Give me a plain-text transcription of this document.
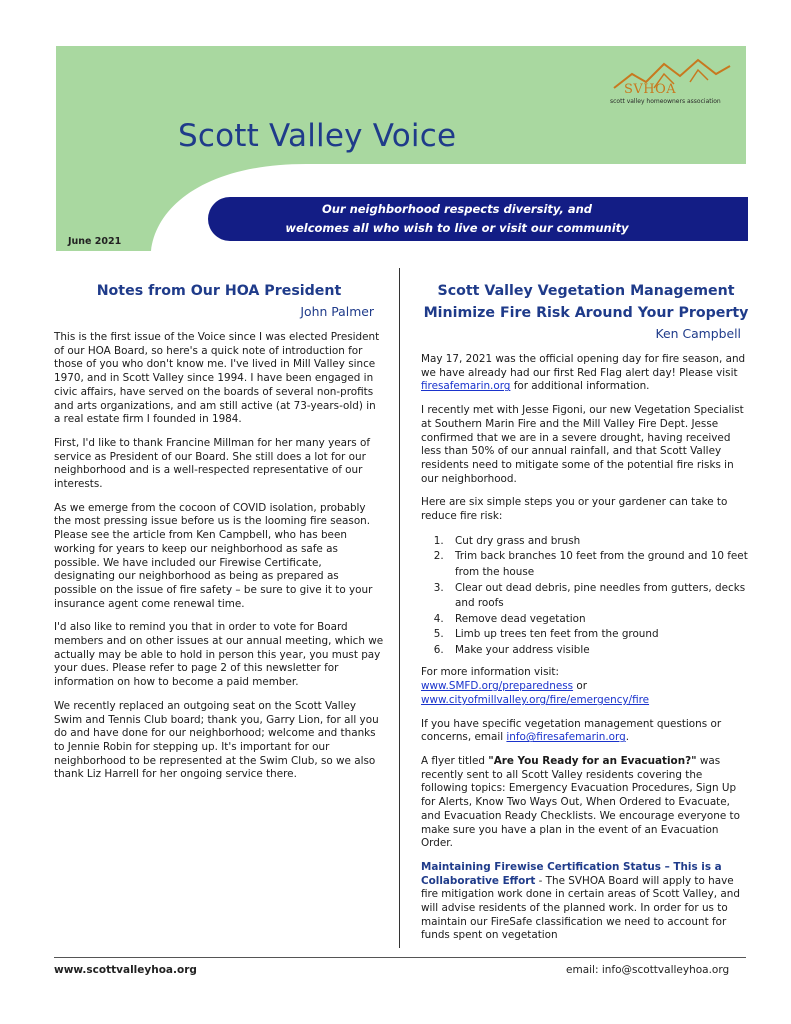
SVHOA
scott valley homeowners association
Scott Valley Voice
Our neighborhood respects diversity, and
welcomes all who wish to live or visit our community
June 2021
Notes from Our HOA President
John Palmer

This is the first issue of the Voice since I was elected President of our HOA Board, so here's a quick note of introduction for those of you who don't know me. I've lived in Mill Valley since 1970, and in Scott Valley since 1994. I have been engaged in civic affairs, have served on the boards of several non-profits and arts organizations, and am still active (at 73-years-old) in a real estate firm I founded in 1984.

First, I'd like to thank Francine Millman for her many years of service as President of our Board. She still does a lot for our neighborhood and is a well-respected representative of our interests.

As we emerge from the cocoon of COVID isolation, probably the most pressing issue before us is the looming fire season. Please see the article from Ken Campbell, who has been working for years to keep our neighborhood as safe as possible. We have included our Firewise Certificate, designating our neighborhood as being as prepared as possible on the issue of fire safety – be sure to give it to your insurance agent come renewal time.

I'd also like to remind you that in order to vote for Board members and on other issues at our annual meeting, which we actually may be able to hold in person this year, you must pay your dues. Please refer to page 2 of this newsletter for information on how to become a paid member.

We recently replaced an outgoing seat on the Scott Valley Swim and Tennis Club board; thank you, Garry Lion, for all you do and have done for our neighborhood; welcome and thanks to Jennie Robin for stepping up. It's important for our neighborhood to be represented at the Swim Club, so we also thank Liz Harrell for her ongoing service there.

Scott Valley Vegetation Management
Minimize Fire Risk Around Your Property
Ken Campbell

May 17, 2021 was the official opening day for fire season, and we have already had our first Red Flag alert day! Please visit firesafemarin.org for additional information.

I recently met with Jesse Figoni, our new Vegetation Specialist at Southern Marin Fire and the Mill Valley Fire Dept. Jesse confirmed that we are in a severe drought, having received less than 50% of our annual rainfall, and that Scott Valley residents need to mitigate some of the potential fire risks in our neighborhood.

Here are six simple steps you or your gardener can take to reduce fire risk:

1. Cut dry grass and brush
2. Trim back branches 10 feet from the ground and 10 feet from the house
3. Clear out dead debris, pine needles from gutters, decks and roofs
4. Remove dead vegetation
5. Limb up trees ten feet from the ground
6. Make your address visible

For more information visit:
www.SMFD.org/preparedness or
www.cityofmillvalley.org/fire/emergency/fire

If you have specific vegetation management questions or concerns, email info@firesafemarin.org.

A flyer titled "Are You Ready for an Evacuation?" was recently sent to all Scott Valley residents covering the following topics: Emergency Evacuation Procedures, Sign Up for Alerts, Know Two Ways Out, When Ordered to Evacuate, and Evacuation Ready Checklists. We encourage everyone to make sure you have a plan in the event of an Evacuation Order.

Maintaining Firewise Certification Status – This is a Collaborative Effort - The SVHOA Board will apply to have fire mitigation work done in certain areas of Scott Valley, and will advise residents of the planned work. In order for us to maintain our FireSafe classification we need to account for funds spent on vegetation

www.scottvalleyhoa.org	email: info@scottvalleyhoa.org
